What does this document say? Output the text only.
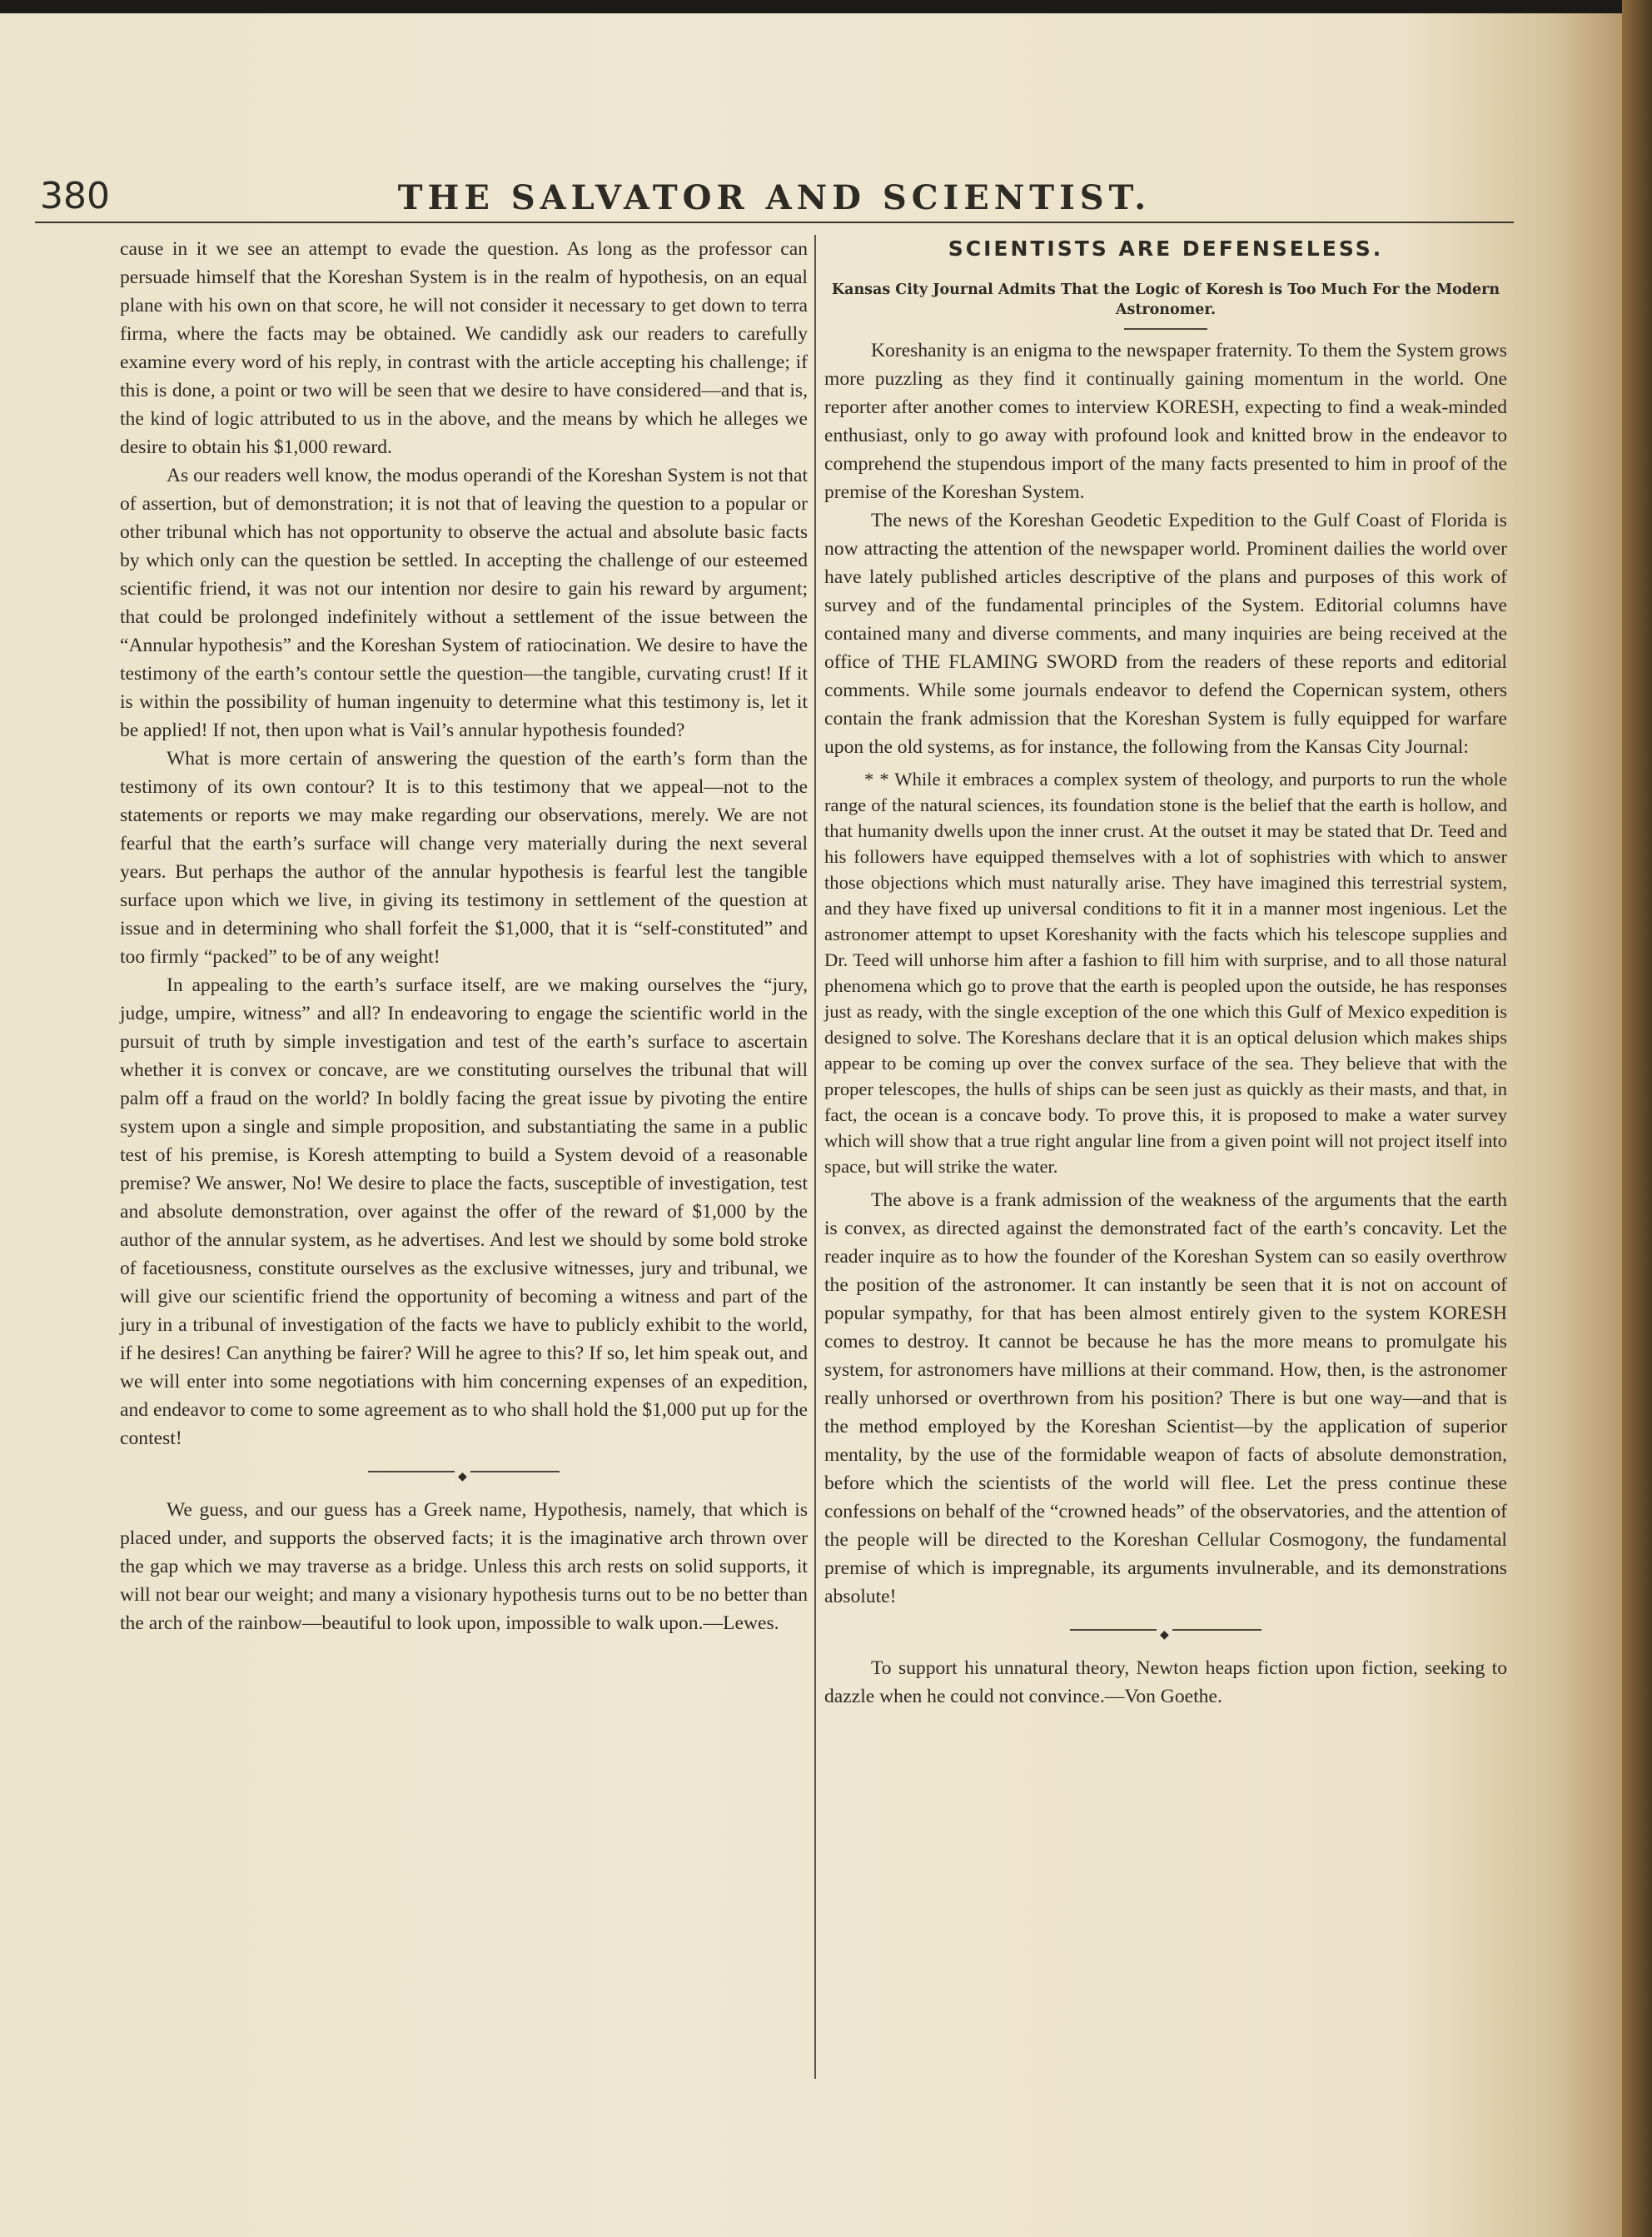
380	THE SALVATOR AND SCIENTIST.

cause in it we see an attempt to evade the question. As long as the professor can persuade himself that the Koreshan System is in the realm of hypothesis, on an equal plane with his own on that score, he will not consider it necessary to get down to terra firma, where the facts may be obtained. We candidly ask our readers to carefully examine every word of his reply, in contrast with the article accepting his challenge; if this is done, a point or two will be seen that we desire to have considered—and that is, the kind of logic attributed to us in the above, and the means by which he alleges we desire to obtain his $1,000 reward.

As our readers well know, the modus operandi of the Koreshan System is not that of assertion, but of demonstration; it is not that of leaving the question to a popular or other tribunal which has not opportunity to observe the actual and absolute basic facts by which only can the question be settled. In accepting the challenge of our esteemed scientific friend, it was not our intention nor desire to gain his reward by argument; that could be prolonged indefinitely without a settlement of the issue between the “Annular hypothesis” and the Koreshan System of ratiocination. We desire to have the testimony of the earth’s contour settle the question—the tangible, curvating crust! If it is within the possibility of human ingenuity to determine what this testimony is, let it be applied! If not, then upon what is Vail’s annular hypothesis founded?

What is more certain of answering the question of the earth’s form than the testimony of its own contour? It is to this testimony that we appeal—not to the statements or reports we may make regarding our observations, merely. We are not fearful that the earth’s surface will change very materially during the next several years. But perhaps the author of the annular hypothesis is fearful lest the tangible surface upon which we live, in giving its testimony in settlement of the question at issue and in determining who shall forfeit the $1,000, that it is “self-constituted” and too firmly “packed” to be of any weight!

In appealing to the earth’s surface itself, are we making ourselves the “jury, judge, umpire, witness” and all? In endeavoring to engage the scientific world in the pursuit of truth by simple investigation and test of the earth’s surface to ascertain whether it is convex or concave, are we constituting ourselves the tribunal that will palm off a fraud on the world? In boldly facing the great issue by pivoting the entire system upon a single and simple proposition, and substantiating the same in a public test of his premise, is Koresh attempting to build a System devoid of a reasonable premise? We answer, No! We desire to place the facts, susceptible of investigation, test and absolute demonstration, over against the offer of the reward of $1,000 by the author of the annular system, as he advertises. And lest we should by some bold stroke of facetiousness, constitute ourselves as the exclusive witnesses, jury and tribunal, we will give our scientific friend the opportunity of becoming a witness and part of the jury in a tribunal of investigation of the facts we have to publicly exhibit to the world, if he desires! Can anything be fairer? Will he agree to this? If so, let him speak out, and we will enter into some negotiations with him concerning expenses of an expedition, and endeavor to come to some agreement as to who shall hold the $1,000 put up for the contest!

◆

We guess, and our guess has a Greek name, Hypothesis, namely, that which is placed under, and supports the observed facts; it is the imaginative arch thrown over the gap which we may traverse as a bridge. Unless this arch rests on solid supports, it will not bear our weight; and many a visionary hypothesis turns out to be no better than the arch of the rainbow—beautiful to look upon, impossible to walk upon.—Lewes.

SCIENTISTS ARE DEFENSELESS.
Kansas City Journal Admits That the Logic of Koresh is Too Much For the Modern Astronomer.

Koreshanity is an enigma to the newspaper fraternity. To them the System grows more puzzling as they find it continually gaining momentum in the world. One reporter after another comes to interview KORESH, expecting to find a weak-minded enthusiast, only to go away with profound look and knitted brow in the endeavor to comprehend the stupendous import of the many facts presented to him in proof of the premise of the Koreshan System.

The news of the Koreshan Geodetic Expedition to the Gulf Coast of Florida is now attracting the attention of the newspaper world. Prominent dailies the world over have lately published articles descriptive of the plans and purposes of this work of survey and of the fundamental principles of the System. Editorial columns have contained many and diverse comments, and many inquiries are being received at the office of THE FLAMING SWORD from the readers of these reports and editorial comments. While some journals endeavor to defend the Copernican system, others contain the frank admission that the Koreshan System is fully equipped for warfare upon the old systems, as for instance, the following from the Kansas City Journal:

* * While it embraces a complex system of theology, and purports to run the whole range of the natural sciences, its foundation stone is the belief that the earth is hollow, and that humanity dwells upon the inner crust. At the outset it may be stated that Dr. Teed and his followers have equipped themselves with a lot of sophistries with which to answer those objections which must naturally arise. They have imagined this terrestrial system, and they have fixed up universal conditions to fit it in a manner most ingenious. Let the astronomer attempt to upset Koreshanity with the facts which his telescope supplies and Dr. Teed will unhorse him after a fashion to fill him with surprise, and to all those natural phenomena which go to prove that the earth is peopled upon the outside, he has responses just as ready, with the single exception of the one which this Gulf of Mexico expedition is designed to solve. The Koreshans declare that it is an optical delusion which makes ships appear to be coming up over the convex surface of the sea. They believe that with the proper telescopes, the hulls of ships can be seen just as quickly as their masts, and that, in fact, the ocean is a concave body. To prove this, it is proposed to make a water survey which will show that a true right angular line from a given point will not project itself into space, but will strike the water.

The above is a frank admission of the weakness of the arguments that the earth is convex, as directed against the demonstrated fact of the earth’s concavity. Let the reader inquire as to how the founder of the Koreshan System can so easily overthrow the position of the astronomer. It can instantly be seen that it is not on account of popular sympathy, for that has been almost entirely given to the system KORESH comes to destroy. It cannot be because he has the more means to promulgate his system, for astronomers have millions at their command. How, then, is the astronomer really unhorsed or overthrown from his position? There is but one way—and that is the method employed by the Koreshan Scientist—by the application of superior mentality, by the use of the formidable weapon of facts of absolute demonstration, before which the scientists of the world will flee. Let the press continue these confessions on behalf of the “crowned heads” of the observatories, and the attention of the people will be directed to the Koreshan Cellular Cosmogony, the fundamental premise of which is impregnable, its arguments invulnerable, and its demonstrations absolute!

◆

To support his unnatural theory, Newton heaps fiction upon fiction, seeking to dazzle when he could not convince.—Von Goethe.
